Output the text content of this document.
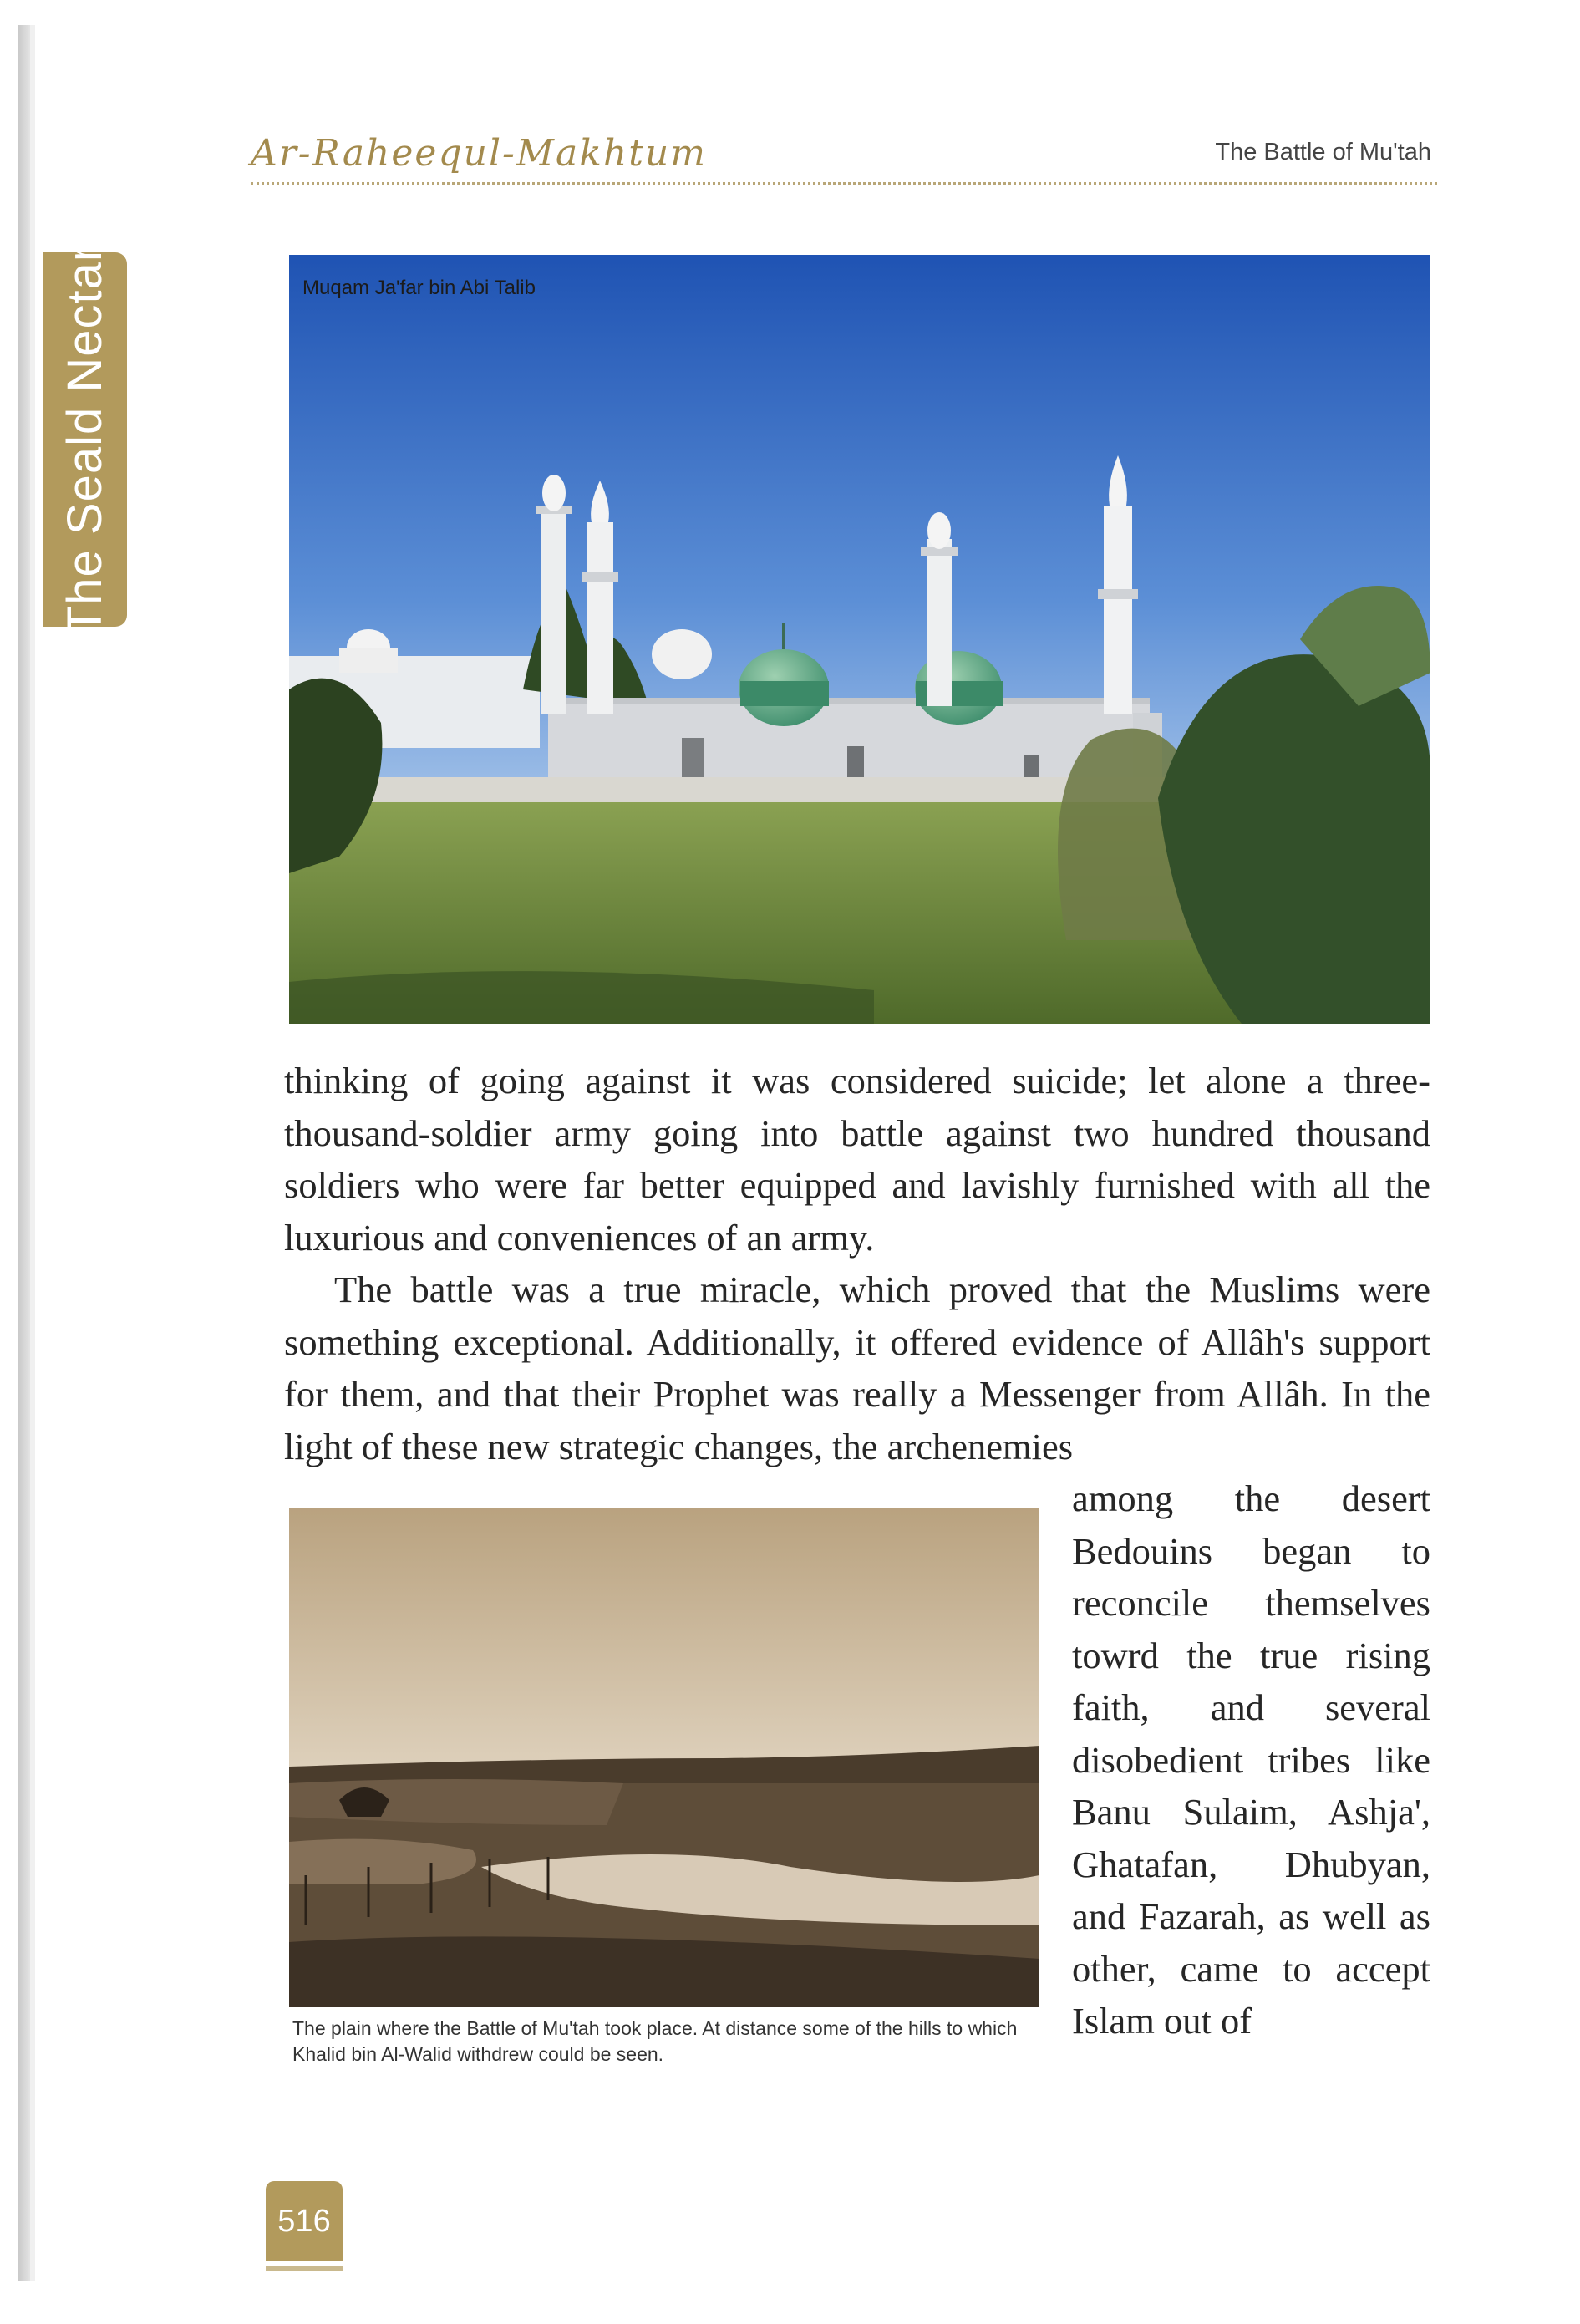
The Seald Nectar
Ar-Raheequl-Makhtum	The Battle of Mu'tah
Muqam Ja'far bin Abi Talib

thinking of going against it was considered suicide; let alone a three-thousand-soldier army going into battle against two hundred thousand soldiers who were far better equipped and lavishly furnished with all the luxurious and conveniences of an army.

The battle was a true miracle, which proved that the Muslims were something exceptional. Additionally, it offered evidence of Allâh's support for them, and that their Prophet was really a Messenger from Allâh. In the light of these new strategic changes, the archenemies

among the desert Bedouins began to reconcile themselves towrd the true rising faith, and several disobedient tribes like Banu Sulaim, Ashja', Ghatafan, Dhubyan, and Fazarah, as well as other, came to accept Islam out of

The plain where the Battle of Mu'tah took place. At distance some of the hills to which Khalid bin Al-Walid withdrew could be seen.
516
